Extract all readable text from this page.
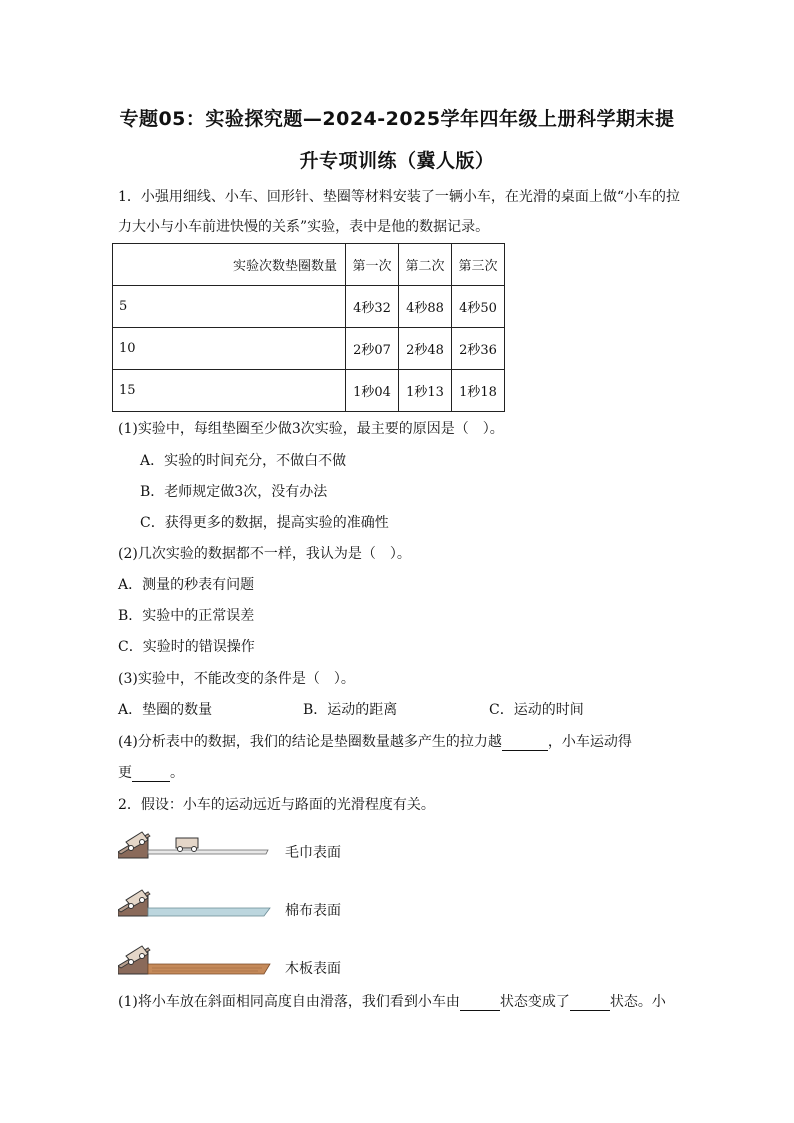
专题05：实验探究题—2024-2025学年四年级上册科学期末提
升专项训练（冀人版）
1．小强用细线、小车、回形针、垫圈等材料安装了一辆小车，在光滑的桌面上做“小车的拉
力大小与小车前进快慢的关系”实验，表中是他的数据记录。
实验次数垫圈数量	第一次	第二次	第三次
5	4秒32	4秒88	4秒50
10	2秒07	2秒48	2秒36
15	1秒04	1秒13	1秒18
(1)实验中，每组垫圈至少做3次实验，最主要的原因是（　）。
A．实验的时间充分，不做白不做
B．老师规定做3次，没有办法
C．获得更多的数据，提高实验的准确性
(2)几次实验的数据都不一样，我认为是（　）。
A．测量的秒表有问题
B．实验中的正常误差
C．实验时的错误操作
(3)实验中，不能改变的条件是（　）。
A．垫圈的数量	B．运动的距离	C．运动的时间
(4)分析表中的数据，我们的结论是垫圈数量越多产生的拉力越	，小车运动得
更	。
2．假设：小车的运动远近与路面的光滑程度有关。
毛巾表面
棉布表面
木板表面
(1)将小车放在斜面相同高度自由滑落，我们看到小车由	状态变成了	状态。小
